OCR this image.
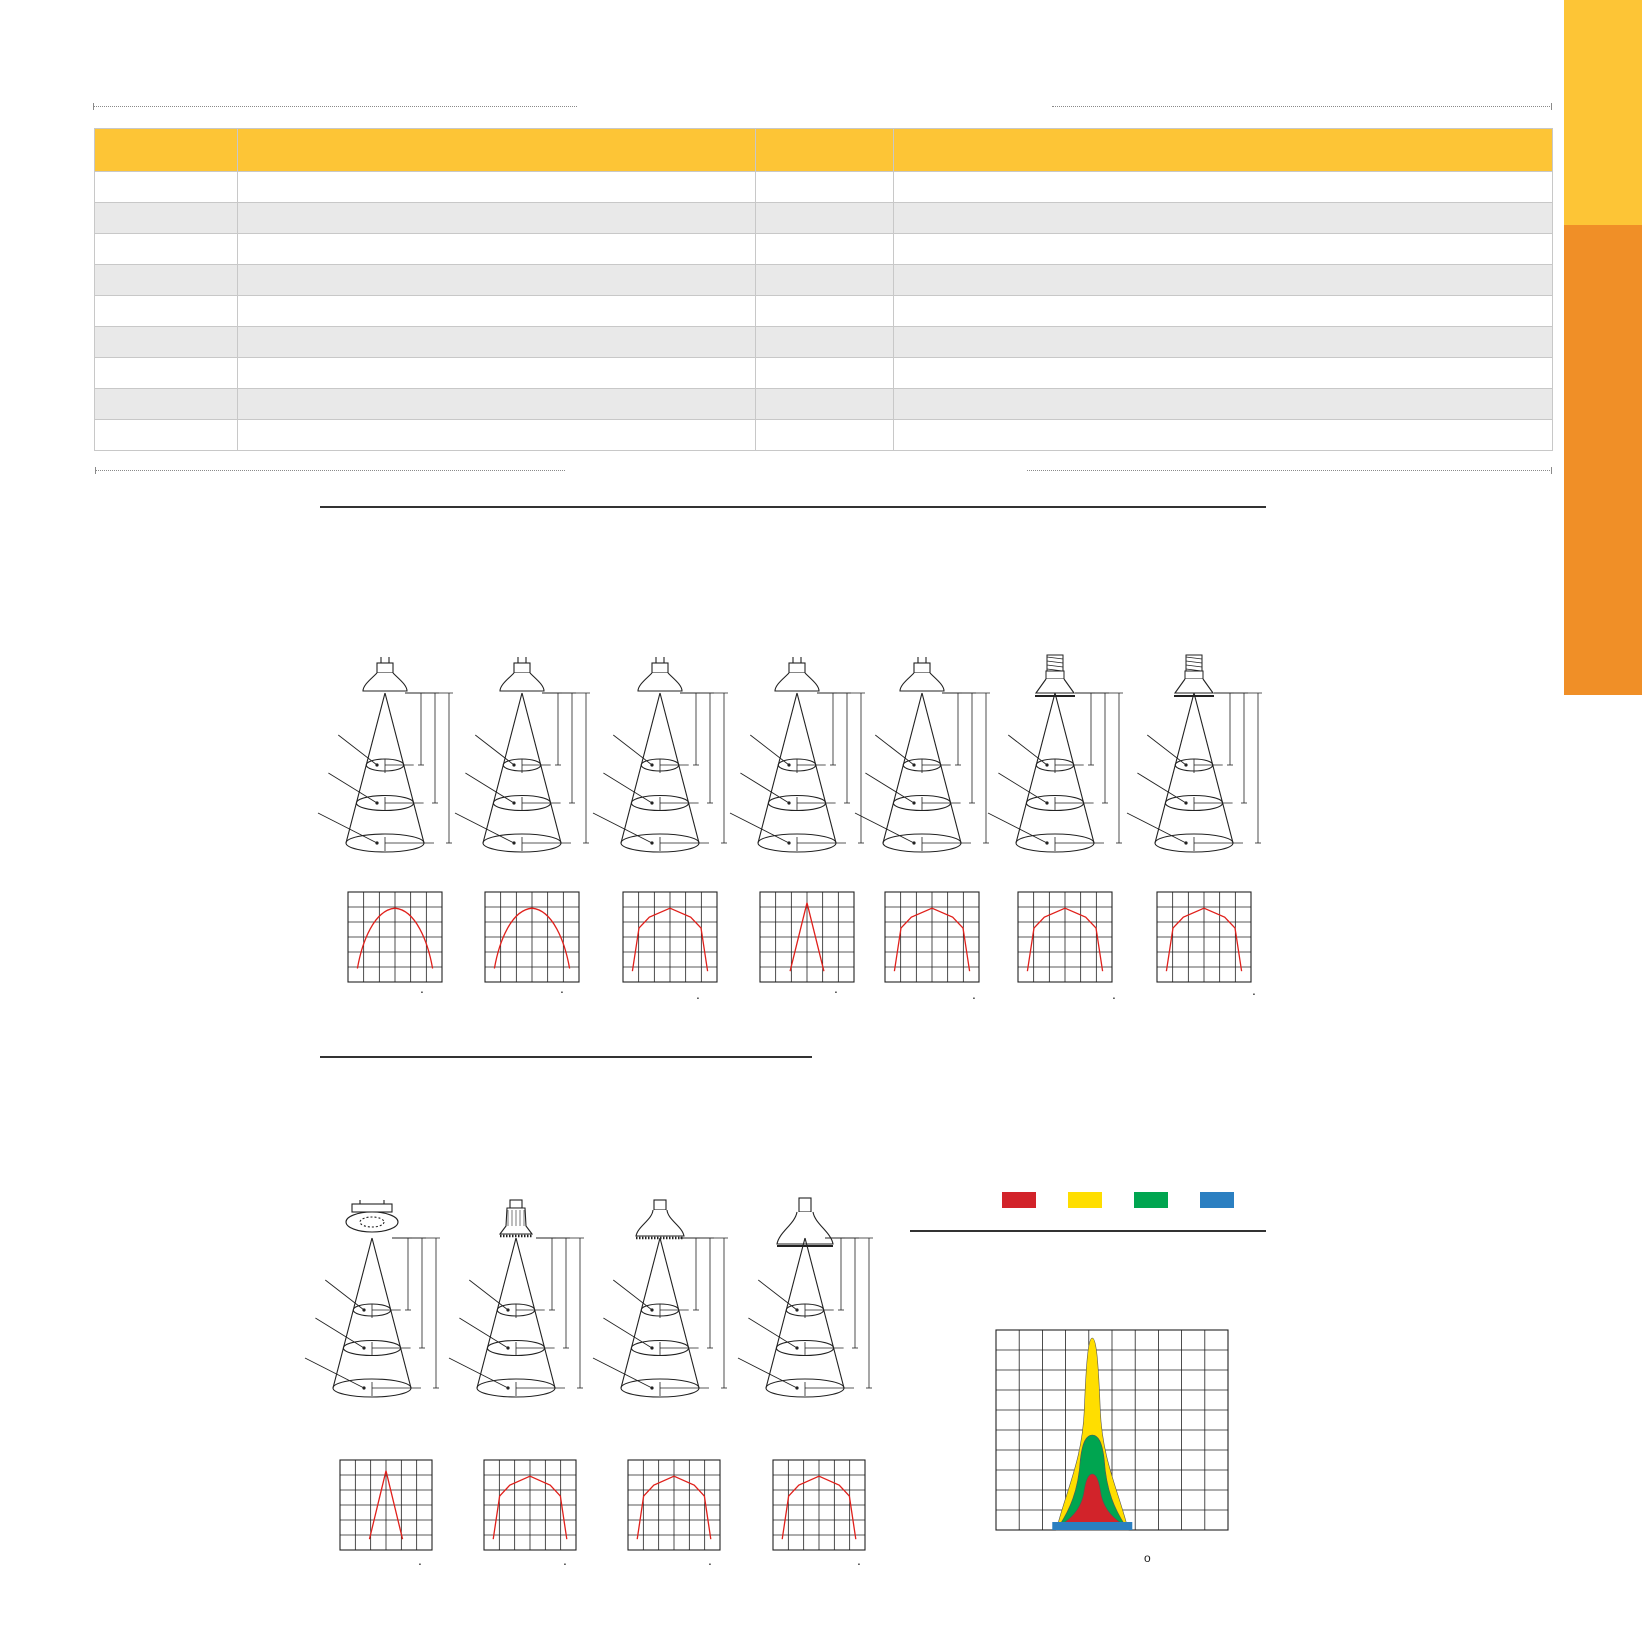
.	.	.	.	.	.	.
.	.	.	.	o
